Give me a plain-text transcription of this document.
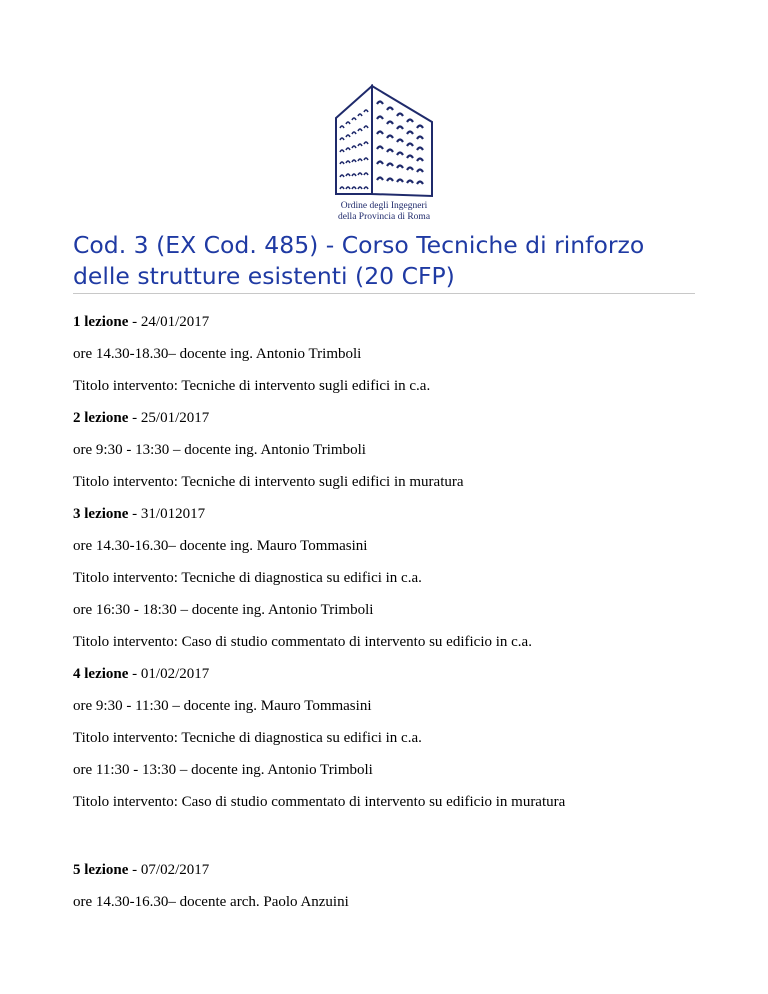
Ordine degli Ingegneri
della Provincia di Roma
Cod. 3 (EX Cod. 485) - Corso Tecniche di rinforzo delle strutture esistenti (20 CFP)
1 lezione - 24/01/2017
ore 14.30-18.30– docente ing. Antonio Trimboli
Titolo intervento: Tecniche di intervento sugli edifici in c.a.
2 lezione - 25/01/2017
ore 9:30 - 13:30 – docente ing. Antonio Trimboli
Titolo intervento: Tecniche di intervento sugli edifici in muratura
3 lezione - 31/012017
ore 14.30-16.30– docente ing. Mauro Tommasini
Titolo intervento: Tecniche di diagnostica su edifici in c.a.
ore 16:30 - 18:30 – docente ing. Antonio Trimboli
Titolo intervento: Caso di studio commentato di intervento su edificio in c.a.
4 lezione - 01/02/2017
ore 9:30 - 11:30 – docente ing. Mauro Tommasini
Titolo intervento: Tecniche di diagnostica su edifici in c.a.
ore 11:30 - 13:30 – docente ing. Antonio Trimboli
Titolo intervento: Caso di studio commentato di intervento su edificio in muratura
5 lezione - 07/02/2017
ore 14.30-16.30– docente arch. Paolo Anzuini
